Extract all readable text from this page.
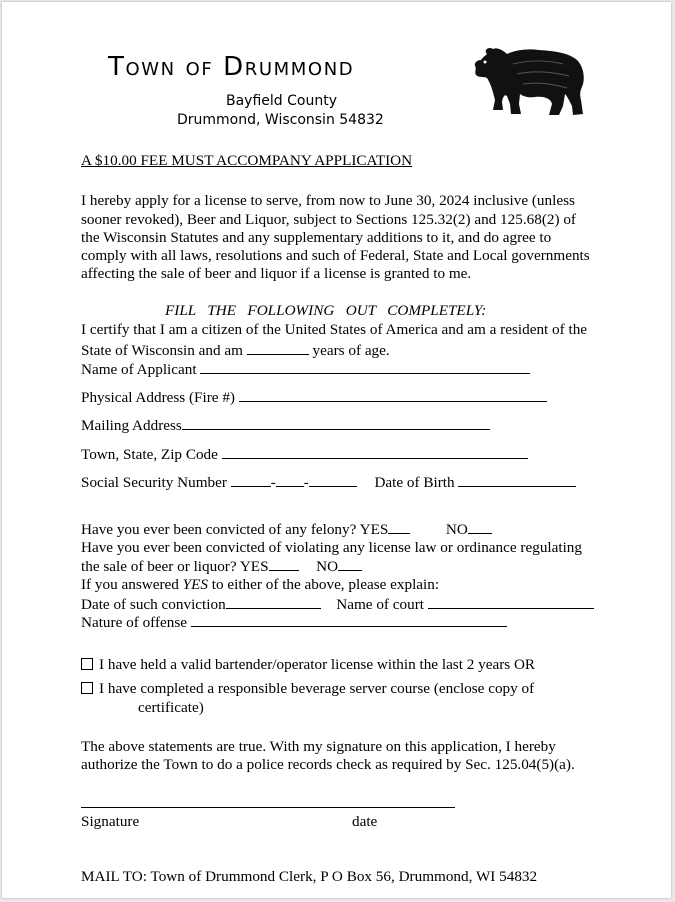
Town of Drummond
Bayfield County
Drummond, Wisconsin 54832
A $10.00 FEE MUST ACCOMPANY APPLICATION
I hereby apply for a license to serve, from now to June 30, 2024 inclusive (unless
sooner revoked), Beer and Liquor, subject to Sections 125.32(2) and 125.68(2) of
the Wisconsin Statutes and any supplementary additions to it, and do agree to
comply with all laws, resolutions and such of Federal, State and Local governments
affecting the sale of beer and liquor if a license is granted to me.
FILL   THE   FOLLOWING   OUT   COMPLETELY:
I certify that I am a citizen of the United States of America and am a resident of the
State of Wisconsin and am	years of age.
Name of Applicant
Physical Address (Fire #)
Mailing Address
Town, State, Zip Code
Social Security Number	- -	Date of Birth
Have you ever been convicted of any felony? YES	NO
Have you ever been convicted of violating any license law or ordinance regulating
the sale of beer or liquor? YES	NO
If you answered YES to either of the above, please explain:
Date of such conviction	Name of court
Nature of offense
I have held a valid bartender/operator license within the last 2 years OR
I have completed a responsible beverage server course (enclose copy of
certificate)
The above statements are true. With my signature on this application, I hereby
authorize the Town to do a police records check as required by Sec. 125.04(5)(a).
Signature	date
MAIL TO: Town of Drummond Clerk, P O Box 56, Drummond, WI 54832
